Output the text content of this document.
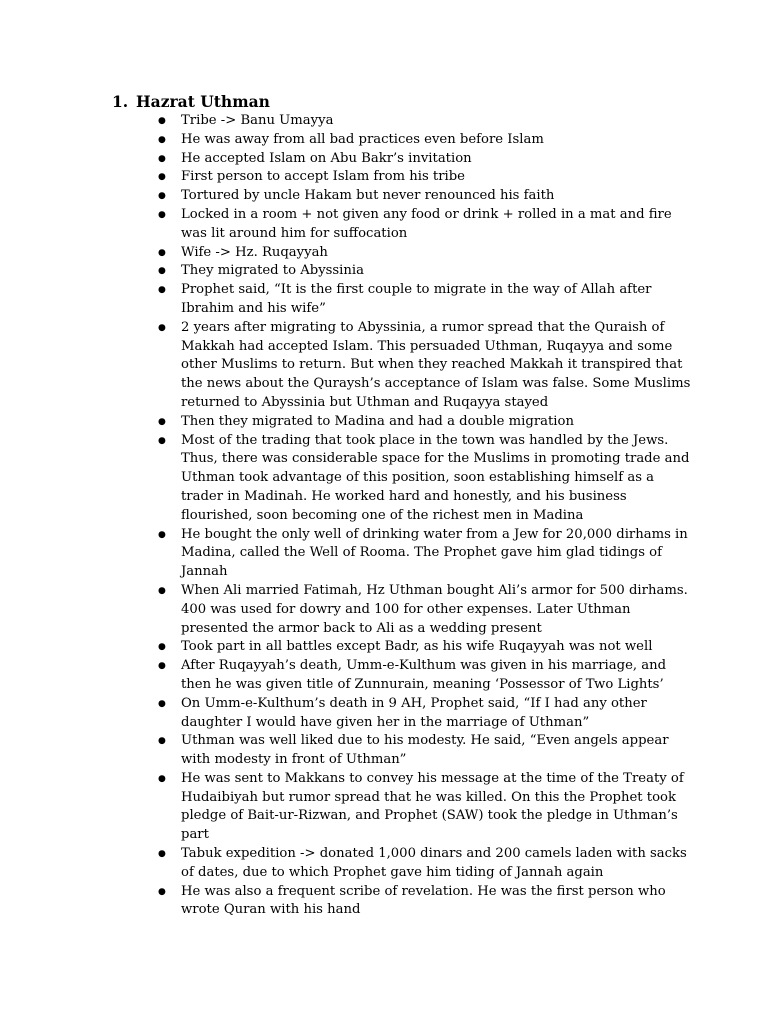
1. Hazrat Uthman
●	Tribe -> Banu Umayya
●	He was away from all bad practices even before Islam
●	He accepted Islam on Abu Bakr’s invitation
●	First person to accept Islam from his tribe
●	Tortured by uncle Hakam but never renounced his faith
●	Locked in a room + not given any food or drink + rolled in a mat and fire was lit around him for suffocation
●	Wife -> Hz. Ruqayyah
●	They migrated to Abyssinia
●	Prophet said, “It is the first couple to migrate in the way of Allah after Ibrahim and his wife”
●	2 years after migrating to Abyssinia, a rumor spread that the Quraish of Makkah had accepted Islam. This persuaded Uthman, Ruqayya and some other Muslims to return. But when they reached Makkah it transpired that the news about the Quraysh’s acceptance of Islam was false. Some Muslims returned to Abyssinia but Uthman and Ruqayya stayed
●	Then they migrated to Madina and had a double migration
●	Most of the trading that took place in the town was handled by the Jews. Thus, there was considerable space for the Muslims in promoting trade and Uthman took advantage of this position, soon establishing himself as a trader in Madinah. He worked hard and honestly, and his business flourished, soon becoming one of the richest men in Madina
●	He bought the only well of drinking water from a Jew for 20,000 dirhams in Madina, called the Well of Rooma. The Prophet gave him glad tidings of Jannah
●	When Ali married Fatimah, Hz Uthman bought Ali’s armor for 500 dirhams. 400 was used for dowry and 100 for other expenses. Later Uthman presented the armor back to Ali as a wedding present
●	Took part in all battles except Badr, as his wife Ruqayyah was not well
●	After Ruqayyah’s death, Umm-e-Kulthum was given in his marriage, and then he was given title of Zunnurain, meaning ‘Possessor of Two Lights’
●	On Umm-e-Kulthum’s death in 9 AH, Prophet said, “If I had any other daughter I would have given her in the marriage of Uthman”
●	Uthman was well liked due to his modesty. He said, “Even angels appear with modesty in front of Uthman”
●	He was sent to Makkans to convey his message at the time of the Treaty of Hudaibiyah but rumor spread that he was killed. On this the Prophet took pledge of Bait-ur-Rizwan, and Prophet (SAW) took the pledge in Uthman’s part
●	Tabuk expedition -> donated 1,000 dinars and 200 camels laden with sacks of dates, due to which Prophet gave him tiding of Jannah again
●	He was also a frequent scribe of revelation. He was the first person who wrote Quran with his hand
